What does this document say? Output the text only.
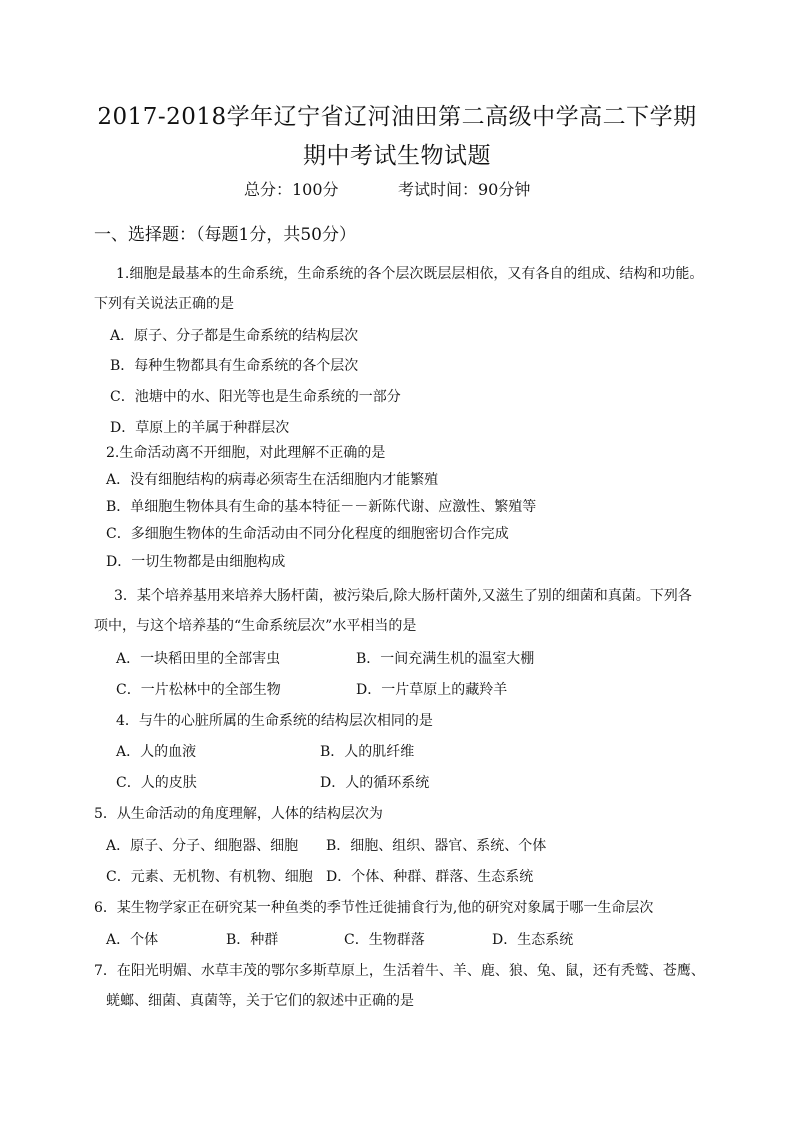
2017-2018学年辽宁省辽河油田第二高级中学高二下学期
期中考试生物试题
总分：100分	考试时间：90分钟
一、选择题：（每题1分，共50分）
1.细胞是最基本的生命系统，生命系统的各个层次既层层相依，又有各自的组成、结构和功能。
下列有关说法正确的是
A．原子、分子都是生命系统的结构层次
B．每种生物都具有生命系统的各个层次
C．池塘中的水、阳光等也是生命系统的一部分
D．草原上的羊属于种群层次
2.生命活动离不开细胞，对此理解不正确的是
A．没有细胞结构的病毒必须寄生在活细胞内才能繁殖
B．单细胞生物体具有生命的基本特征－－新陈代谢、应激性、繁殖等
C．多细胞生物体的生命活动由不同分化程度的细胞密切合作完成
D．一切生物都是由细胞构成
3．某个培养基用来培养大肠杆菌，被污染后,除大肠杆菌外,又滋生了别的细菌和真菌。下列各
项中，与这个培养基的“生命系统层次”水平相当的是
A．一块稻田里的全部害虫	B．一间充满生机的温室大棚
C．一片松林中的全部生物	D．一片草原上的藏羚羊
4．与牛的心脏所属的生命系统的结构层次相同的是
A．人的血液	B．人的肌纤维
C．人的皮肤	D．人的循环系统
5．从生命活动的角度理解，人体的结构层次为
A．原子、分子、细胞器、细胞 B．细胞、组织、器官、系统、个体
C．元素、无机物、有机物、细胞 D．个体、种群、群落、生态系统
6．某生物学家正在研究某一种鱼类的季节性迁徙捕食行为,他的研究对象属于哪一生命层次
A．个体	B．种群	C．生物群落	D．生态系统
7．在阳光明媚、水草丰茂的鄂尔多斯草原上，生活着牛、羊、鹿、狼、兔、鼠，还有秃鹫、苍鹰、
蜣螂、细菌、真菌等，关于它们的叙述中正确的是
